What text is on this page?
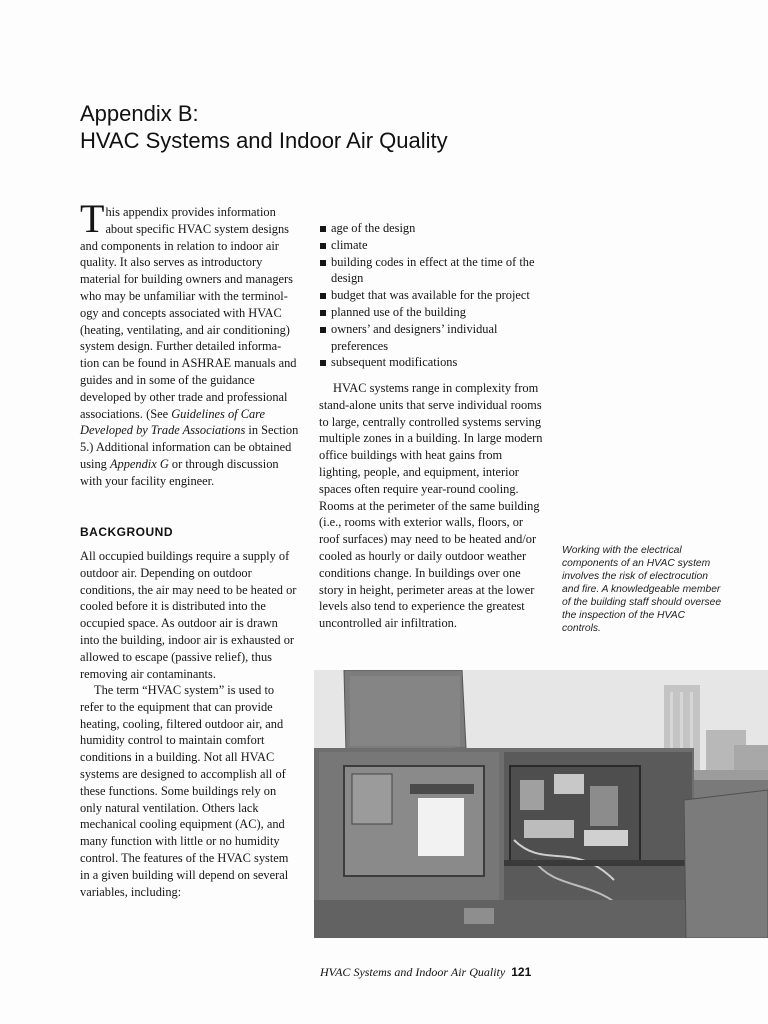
Appendix B:
HVAC Systems and Indoor Air Quality
This appendix provides information about specific HVAC system designs and components in relation to indoor air quality. It also serves as introductory material for building owners and managers who may be unfamiliar with the terminol-ogy and concepts associated with HVAC (heating, ventilating, and air conditioning) system design. Further detailed informa-tion can be found in ASHRAE manuals and guides and in some of the guidance developed by other trade and professional associations. (See Guidelines of Care Developed by Trade Associations in Section 5.) Additional information can be obtained using Appendix G or through discussion with your facility engineer.
BACKGROUND
All occupied buildings require a supply of outdoor air. Depending on outdoor conditions, the air may need to be heated or cooled before it is distributed into the occupied space. As outdoor air is drawn into the building, indoor air is exhausted or allowed to escape (passive relief), thus removing air contaminants.
The term “HVAC system” is used to refer to the equipment that can provide heating, cooling, filtered outdoor air, and humidity control to maintain comfort conditions in a building. Not all HVAC systems are designed to accomplish all of these functions. Some buildings rely on only natural ventilation. Others lack mechanical cooling equipment (AC), and many function with little or no humidity control. The features of the HVAC system in a given building will depend on several variables, including:
age of the design
climate
building codes in effect at the time of the design
budget that was available for the project
planned use of the building
owners’ and designers’ individual preferences
subsequent modifications
HVAC systems range in complexity from stand-alone units that serve individual rooms to large, centrally controlled systems serving multiple zones in a building. In large modern office buildings with heat gains from lighting, people, and equipment, interior spaces often require year-round cooling. Rooms at the perimeter of the same building (i.e., rooms with exterior walls, floors, or roof surfaces) may need to be heated and/or cooled as hourly or daily outdoor weather conditions change. In buildings over one story in height, perimeter areas at the lower levels also tend to experience the greatest uncontrolled air infiltration.
Working with the electrical components of an HVAC system involves the risk of electrocution and fire. A knowledgeable member of the building staff should oversee the inspection of the HVAC controls.
HVAC Systems and Indoor Air Quality 121
